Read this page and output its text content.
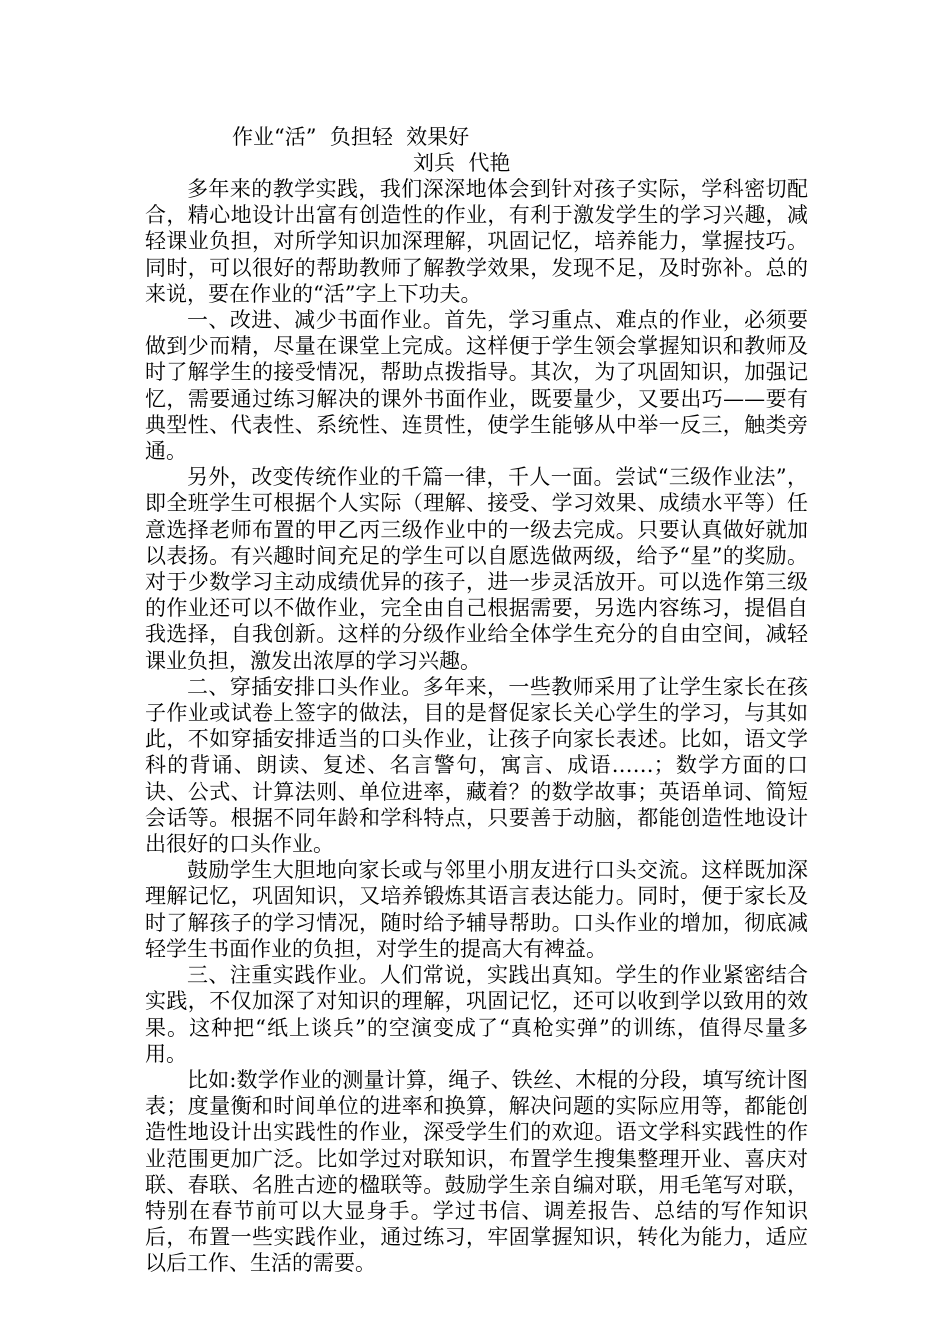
作业“活”  负担轻  效果好
刘兵  代艳

多年来的教学实践，我们深深地体会到针对孩子实际，学科密切配合，精心地设计出富有创造性的作业，有利于激发学生的学习兴趣，减轻课业负担，对所学知识加深理解，巩固记忆，培养能力，掌握技巧。同时，可以很好的帮助教师了解教学效果，发现不足，及时弥补。总的来说，要在作业的“活”字上下功夫。

一、改进、减少书面作业。首先，学习重点、难点的作业，必须要做到少而精，尽量在课堂上完成。这样便于学生领会掌握知识和教师及时了解学生的接受情况，帮助点拨指导。其次，为了巩固知识，加强记忆，需要通过练习解决的课外书面作业，既要量少，又要出巧——要有典型性、代表性、系统性、连贯性，使学生能够从中举一反三，触类旁通。

另外，改变传统作业的千篇一律，千人一面。尝试“三级作业法”，即全班学生可根据个人实际（理解、接受、学习效果、成绩水平等）任意选择老师布置的甲乙丙三级作业中的一级去完成。只要认真做好就加以表扬。有兴趣时间充足的学生可以自愿选做两级，给予“星”的奖励。对于少数学习主动成绩优异的孩子，进一步灵活放开。可以选作第三级的作业还可以不做作业，完全由自己根据需要，另选内容练习，提倡自我选择，自我创新。这样的分级作业给全体学生充分的自由空间，减轻课业负担，激发出浓厚的学习兴趣。

二、穿插安排口头作业。多年来，一些教师采用了让学生家长在孩子作业或试卷上签字的做法，目的是督促家长关心学生的学习，与其如此，不如穿插安排适当的口头作业，让孩子向家长表述。比如，语文学科的背诵、朗读、复述、名言警句，寓言、成语……；数学方面的口诀、公式、计算法则、单位进率，藏着？的数学故事；英语单词、简短会话等。根据不同年龄和学科特点，只要善于动脑，都能创造性地设计出很好的口头作业。

鼓励学生大胆地向家长或与邻里小朋友进行口头交流。这样既加深理解记忆，巩固知识，又培养锻炼其语言表达能力。同时，便于家长及时了解孩子的学习情况，随时给予辅导帮助。口头作业的增加，彻底减轻学生书面作业的负担，对学生的提高大有裨益。

三、注重实践作业。人们常说，实践出真知。学生的作业紧密结合实践，不仅加深了对知识的理解，巩固记忆，还可以收到学以致用的效果。这种把“纸上谈兵”的空演变成了“真枪实弹”的训练，值得尽量多用。

比如:数学作业的测量计算，绳子、铁丝、木棍的分段，填写统计图表；度量衡和时间单位的进率和换算，解决问题的实际应用等，都能创造性地设计出实践性的作业，深受学生们的欢迎。语文学科实践性的作业范围更加广泛。比如学过对联知识，布置学生搜集整理开业、喜庆对联、春联、名胜古迹的楹联等。鼓励学生亲自编对联，用毛笔写对联，特别在春节前可以大显身手。学过书信、调差报告、总结的写作知识后，布置一些实践作业，通过练习，牢固掌握知识，转化为能力，适应以后工作、生活的需要。
